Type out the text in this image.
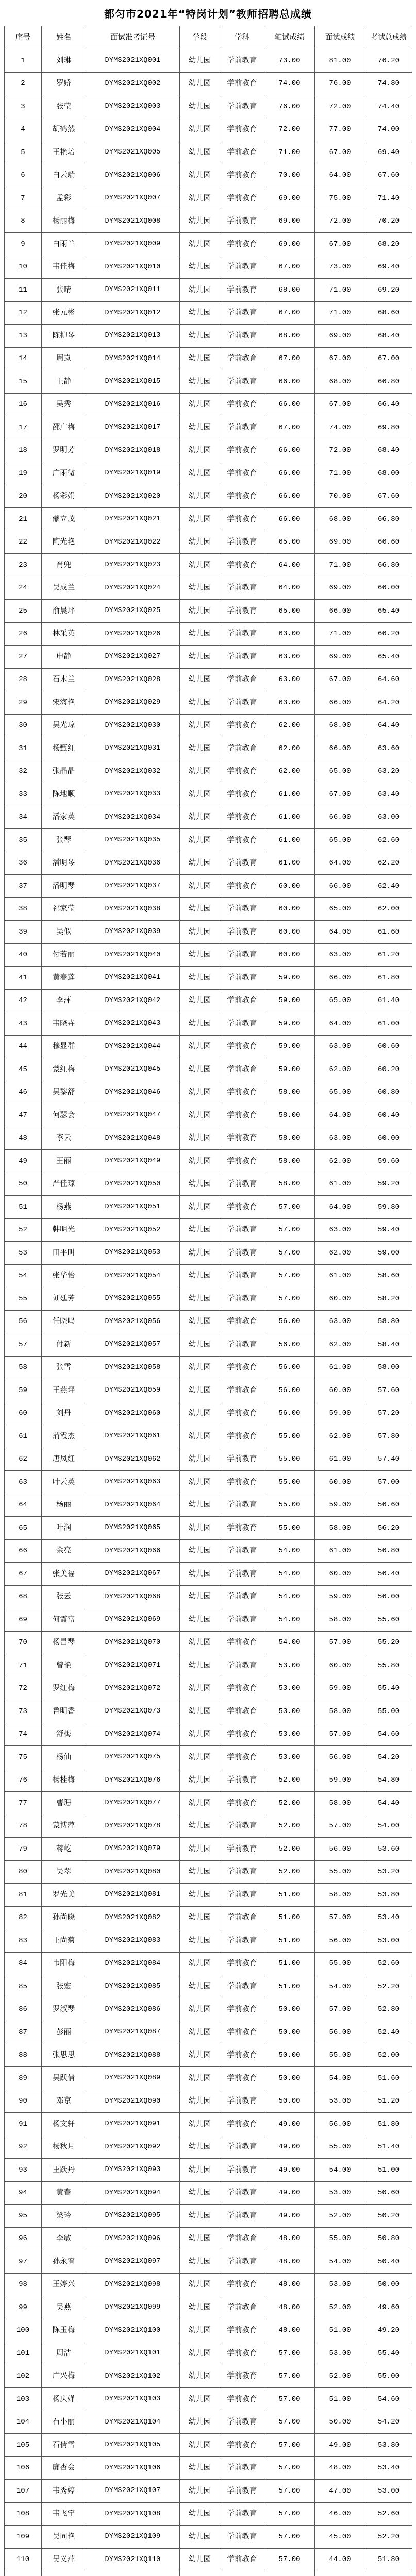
都匀市2021年“特岗计划”教师招聘总成绩
序号	姓名	面试准考证号	学段	学科	笔试成绩	面试成绩	考试总成绩
1	刘琳	DYMS2021XQ001	幼儿园	学前教育	73.00	81.00	76.20
2	罗娇	DYMS2021XQ002	幼儿园	学前教育	74.00	76.00	74.80
3	张莹	DYMS2021XQ003	幼儿园	学前教育	76.00	72.00	74.40
4	胡鹤然	DYMS2021XQ004	幼儿园	学前教育	72.00	77.00	74.00
5	王艳培	DYMS2021XQ005	幼儿园	学前教育	71.00	67.00	69.40
6	白云端	DYMS2021XQ006	幼儿园	学前教育	70.00	64.00	67.60
7	孟彩	DYMS2021XQ007	幼儿园	学前教育	69.00	75.00	71.40
8	杨丽梅	DYMS2021XQ008	幼儿园	学前教育	69.00	72.00	70.20
9	白雨兰	DYMS2021XQ009	幼儿园	学前教育	69.00	67.00	68.20
10	韦佳梅	DYMS2021XQ010	幼儿园	学前教育	67.00	73.00	69.40
11	张晴	DYMS2021XQ011	幼儿园	学前教育	68.00	71.00	69.20
12	张元彬	DYMS2021XQ012	幼儿园	学前教育	67.00	71.00	68.60
13	陈柳琴	DYMS2021XQ013	幼儿园	学前教育	68.00	69.00	68.40
14	周岚	DYMS2021XQ014	幼儿园	学前教育	67.00	67.00	67.00
15	王静	DYMS2021XQ015	幼儿园	学前教育	66.00	68.00	66.80
16	吴秀	DYMS2021XQ016	幼儿园	学前教育	66.00	67.00	66.40
17	邵广梅	DYMS2021XQ017	幼儿园	学前教育	67.00	74.00	69.80
18	罗明芳	DYMS2021XQ018	幼儿园	学前教育	66.00	72.00	68.40
19	广雨微	DYMS2021XQ019	幼儿园	学前教育	66.00	71.00	68.00
20	杨彩娟	DYMS2021XQ020	幼儿园	学前教育	66.00	70.00	67.60
21	蒙立茂	DYMS2021XQ021	幼儿园	学前教育	66.00	68.00	66.80
22	陶光艳	DYMS2021XQ022	幼儿园	学前教育	65.00	69.00	66.60
23	肖兜	DYMS2021XQ023	幼儿园	学前教育	64.00	71.00	66.80
24	吴成兰	DYMS2021XQ024	幼儿园	学前教育	64.00	69.00	66.00
25	俞晨坪	DYMS2021XQ025	幼儿园	学前教育	65.00	66.00	65.40
26	林采英	DYMS2021XQ026	幼儿园	学前教育	63.00	71.00	66.20
27	申静	DYMS2021XQ027	幼儿园	学前教育	63.00	69.00	65.40
28	石木兰	DYMS2021XQ028	幼儿园	学前教育	63.00	67.00	64.60
29	宋海艳	DYMS2021XQ029	幼儿园	学前教育	63.00	66.00	64.20
30	吴光琼	DYMS2021XQ030	幼儿园	学前教育	62.00	68.00	64.40
31	杨甄红	DYMS2021XQ031	幼儿园	学前教育	62.00	66.00	63.60
32	张晶晶	DYMS2021XQ032	幼儿园	学前教育	62.00	65.00	63.20
33	陈地顺	DYMS2021XQ033	幼儿园	学前教育	61.00	67.00	63.40
34	潘家英	DYMS2021XQ034	幼儿园	学前教育	61.00	66.00	63.00
35	张琴	DYMS2021XQ035	幼儿园	学前教育	61.00	65.00	62.60
36	潘明琴	DYMS2021XQ036	幼儿园	学前教育	61.00	64.00	62.20
37	潘明琴	DYMS2021XQ037	幼儿园	学前教育	60.00	66.00	62.40
38	祁家莹	DYMS2021XQ038	幼儿园	学前教育	60.00	65.00	62.00
39	吴似	DYMS2021XQ039	幼儿园	学前教育	60.00	64.00	61.60
40	付若丽	DYMS2021XQ040	幼儿园	学前教育	60.00	63.00	61.20
41	黄春莲	DYMS2021XQ041	幼儿园	学前教育	59.00	66.00	61.80
42	李萍	DYMS2021XQ042	幼儿园	学前教育	59.00	65.00	61.40
43	韦晓卉	DYMS2021XQ043	幼儿园	学前教育	59.00	64.00	61.00
44	穆显群	DYMS2021XQ044	幼儿园	学前教育	59.00	63.00	60.60
45	蒙红梅	DYMS2021XQ045	幼儿园	学前教育	59.00	62.00	60.20
46	吴黎舒	DYMS2021XQ046	幼儿园	学前教育	58.00	65.00	60.80
47	何瑟会	DYMS2021XQ047	幼儿园	学前教育	58.00	64.00	60.40
48	李云	DYMS2021XQ048	幼儿园	学前教育	58.00	63.00	60.00
49	王丽	DYMS2021XQ049	幼儿园	学前教育	58.00	62.00	59.60
50	严佳琼	DYMS2021XQ050	幼儿园	学前教育	58.00	61.00	59.20
51	杨燕	DYMS2021XQ051	幼儿园	学前教育	57.00	64.00	59.80
52	韩明光	DYMS2021XQ052	幼儿园	学前教育	57.00	63.00	59.40
53	田平叫	DYMS2021XQ053	幼儿园	学前教育	57.00	62.00	59.00
54	张华怡	DYMS2021XQ054	幼儿园	学前教育	57.00	61.00	58.60
55	刘廷芳	DYMS2021XQ055	幼儿园	学前教育	57.00	60.00	58.20
56	任晓鸣	DYMS2021XQ056	幼儿园	学前教育	56.00	63.00	58.80
57	付新	DYMS2021XQ057	幼儿园	学前教育	56.00	62.00	58.40
58	张雪	DYMS2021XQ058	幼儿园	学前教育	56.00	61.00	58.00
59	王燕坪	DYMS2021XQ059	幼儿园	学前教育	56.00	60.00	57.60
60	刘丹	DYMS2021XQ060	幼儿园	学前教育	56.00	59.00	57.20
61	蒲霞杰	DYMS2021XQ061	幼儿园	学前教育	55.00	62.00	57.80
62	唐凤红	DYMS2021XQ062	幼儿园	学前教育	55.00	61.00	57.40
63	叶云英	DYMS2021XQ063	幼儿园	学前教育	55.00	60.00	57.00
64	杨丽	DYMS2021XQ064	幼儿园	学前教育	55.00	59.00	56.60
65	叶润	DYMS2021XQ065	幼儿园	学前教育	55.00	58.00	56.20
66	余亮	DYMS2021XQ066	幼儿园	学前教育	54.00	61.00	56.80
67	张美福	DYMS2021XQ067	幼儿园	学前教育	54.00	60.00	56.40
68	张云	DYMS2021XQ068	幼儿园	学前教育	54.00	59.00	56.00
69	何霞富	DYMS2021XQ069	幼儿园	学前教育	54.00	58.00	55.60
70	杨昌琴	DYMS2021XQ070	幼儿园	学前教育	54.00	57.00	55.20
71	曾艳	DYMS2021XQ071	幼儿园	学前教育	53.00	60.00	55.80
72	罗红梅	DYMS2021XQ072	幼儿园	学前教育	53.00	59.00	55.40
73	鲁明香	DYMS2021XQ073	幼儿园	学前教育	53.00	58.00	55.00
74	舒梅	DYMS2021XQ074	幼儿园	学前教育	53.00	57.00	54.60
75	杨仙	DYMS2021XQ075	幼儿园	学前教育	53.00	56.00	54.20
76	杨桂梅	DYMS2021XQ076	幼儿园	学前教育	52.00	59.00	54.80
77	曹珊	DYMS2021XQ077	幼儿园	学前教育	52.00	58.00	54.40
78	蒙博萍	DYMS2021XQ078	幼儿园	学前教育	52.00	57.00	54.00
79	蒋屹	DYMS2021XQ079	幼儿园	学前教育	52.00	56.00	53.60
80	吴翠	DYMS2021XQ080	幼儿园	学前教育	52.00	55.00	53.20
81	罗光美	DYMS2021XQ081	幼儿园	学前教育	51.00	58.00	53.80
82	孙尚晓	DYMS2021XQ082	幼儿园	学前教育	51.00	57.00	53.40
83	王尚菊	DYMS2021XQ083	幼儿园	学前教育	51.00	56.00	53.00
84	韦阳梅	DYMS2021XQ084	幼儿园	学前教育	51.00	55.00	52.60
85	张宏	DYMS2021XQ085	幼儿园	学前教育	51.00	54.00	52.20
86	罗淑琴	DYMS2021XQ086	幼儿园	学前教育	50.00	57.00	52.80
87	彭丽	DYMS2021XQ087	幼儿园	学前教育	50.00	56.00	52.40
88	张思思	DYMS2021XQ088	幼儿园	学前教育	50.00	55.00	52.00
89	吴跃倩	DYMS2021XQ089	幼儿园	学前教育	50.00	54.00	51.60
90	邓京	DYMS2021XQ090	幼儿园	学前教育	50.00	53.00	51.20
91	杨文轩	DYMS2021XQ091	幼儿园	学前教育	49.00	56.00	51.80
92	杨秋月	DYMS2021XQ092	幼儿园	学前教育	49.00	55.00	51.40
93	王跃丹	DYMS2021XQ093	幼儿园	学前教育	49.00	54.00	51.00
94	黄春	DYMS2021XQ094	幼儿园	学前教育	49.00	53.00	50.60
95	梁玲	DYMS2021XQ095	幼儿园	学前教育	49.00	52.00	50.20
96	李敏	DYMS2021XQ096	幼儿园	学前教育	48.00	55.00	50.80
97	孙永宥	DYMS2021XQ097	幼儿园	学前教育	48.00	54.00	50.40
98	王婷兴	DYMS2021XQ098	幼儿园	学前教育	48.00	53.00	50.00
99	吴燕	DYMS2021XQ099	幼儿园	学前教育	48.00	52.00	49.60
100	陈玉梅	DYMS2021XQ100	幼儿园	学前教育	48.00	51.00	49.20
101	周洁	DYMS2021XQ101	幼儿园	学前教育	57.00	53.00	55.40
102	广兴梅	DYMS2021XQ102	幼儿园	学前教育	57.00	52.00	55.00
103	杨庆婵	DYMS2021XQ103	幼儿园	学前教育	57.00	51.00	54.60
104	石小丽	DYMS2021XQ104	幼儿园	学前教育	57.00	50.00	54.20
105	石倩雪	DYMS2021XQ105	幼儿园	学前教育	57.00	49.00	53.80
106	廖杏会	DYMS2021XQ106	幼儿园	学前教育	57.00	48.00	53.40
107	韦秀婷	DYMS2021XQ107	幼儿园	学前教育	57.00	47.00	53.00
108	韦飞宁	DYMS2021XQ108	幼儿园	学前教育	57.00	46.00	52.60
109	吴同艳	DYMS2021XQ109	幼儿园	学前教育	57.00	45.00	52.20
110	吴义萍	DYMS2021XQ110	幼儿园	学前教育	57.00	44.00	51.80
